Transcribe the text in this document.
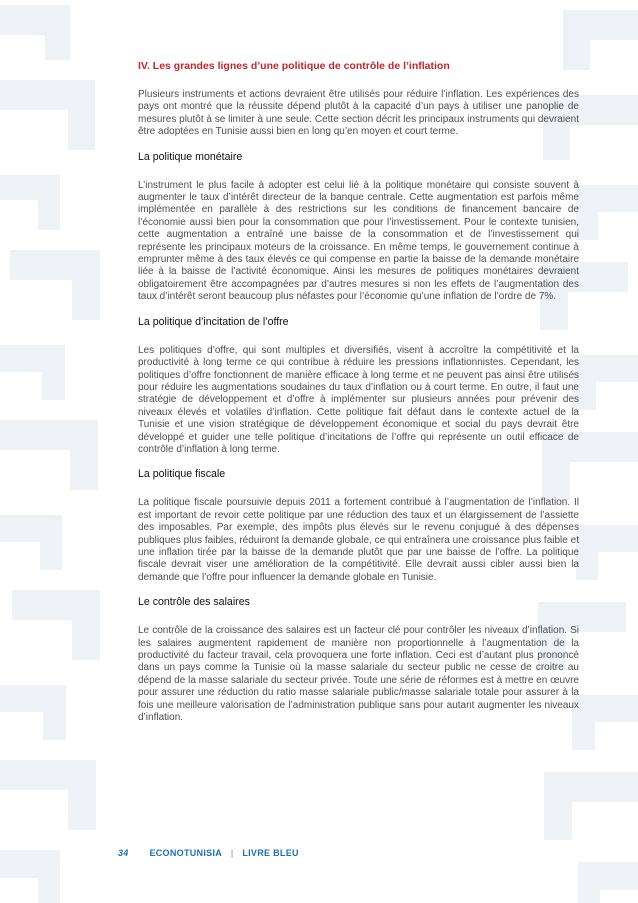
IV. Les grandes lignes d’une politique de contrôle de l’inflation

Plusieurs instruments et actions devraient être utilisés pour réduire l’inflation. Les expériences des pays ont montré que la réussite dépend plutôt à la capacité d’un pays à utiliser une panoplie de mesures plutôt à se limiter à une seule. Cette section décrit les principaux instruments qui devraient être adoptées en Tunisie aussi bien en long qu’en moyen et court terme.

La politique monétaire

L’instrument le plus facile à adopter est celui lié à la politique monétaire qui consiste souvent à augmenter le taux d’intérêt directeur de la banque centrale. Cette augmentation est parfois même implémentée en parallèle à des restrictions sur les conditions de financement bancaire de l’économie aussi bien pour la consommation que pour l’investissement. Pour le contexte tunisien, cette augmentation a entraîné une baisse de la consommation et de l’investissement qui représente les principaux moteurs de la croissance. En même temps, le gouvernement continue à emprunter même à des taux élevés ce qui compense en partie la baisse de la demande monétaire liée à la baisse de l’activité économique. Ainsi les mesures de politiques monétaires devraient obligatoirement être accompagnées par d’autres mesures si non les effets de l’augmentation des taux d’intérêt seront beaucoup plus néfastes pour l’économie qu’une inflation de l’ordre de 7%.

La politique d’incitation de l’offre

Les politiques d’offre, qui sont multiples et diversifiés, visent à accroître la compétitivité et la productivité à long terme ce qui contribue à réduire les pressions inflationnistes. Cependant, les politiques d’offre fonctionnent de manière efficace à long terme et ne peuvent pas ainsi être utilisés pour réduire les augmentations soudaines du taux d’inflation ou à court terme. En outre, il faut une stratégie de développement et d’offre à implémenter sur plusieurs années pour prévenir des niveaux élevés et volatiles d’inflation. Cette politique fait défaut dans le contexte actuel de la Tunisie et une vision stratégique de développement économique et social du pays devrait être développé et guider une telle politique d’incitations de l’offre qui représente un outil efficace de contrôle d’inflation à long terme.

La politique fiscale

La politique fiscale poursuivie depuis 2011 a fortement contribué à l’augmentation de l’inflation. Il est important de revoir cette politique par une réduction des taux et un élargissement de l’assiette des imposables. Par exemple, des impôts plus élevés sur le revenu conjugué à des dépenses publiques plus faibles, réduiront la demande globale, ce qui entraînera une croissance plus faible et une inflation tirée par la baisse de la demande plutôt que par une baisse de l’offre. La politique fiscale devrait viser une amélioration de la compétitivité. Elle devrait aussi cibler aussi bien la demande que l’offre pour influencer la demande globale en Tunisie.

Le contrôle des salaires

Le contrôle de la croissance des salaires est un facteur clé pour contrôler les niveaux d’inflation. Si les salaires augmentent rapidement de manière non proportionnelle à l’augmentation de la productivité du facteur travail, cela provoquera une forte inflation. Ceci est d’autant plus prononcé dans un pays comme la Tunisie où la masse salariale du secteur public ne cesse de croitre au dépend de la masse salariale du secteur privée. Toute une série de réformes est à mettre en œuvre pour assurer une réduction du ratio masse salariale public/masse salariale totale pour assurer à la fois une meilleure valorisation de l’administration publique sans pour autant augmenter les niveaux d’inflation.

34 ECONOTUNISIA | LIVRE BLEU
